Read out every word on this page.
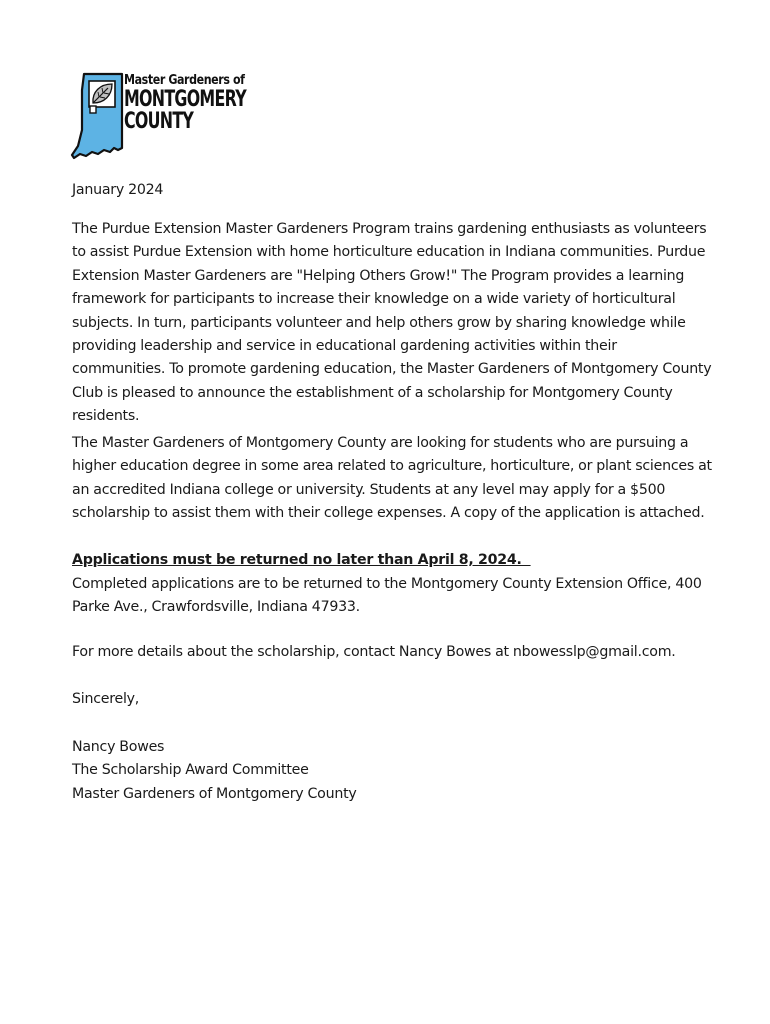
Master Gardeners of
MONTGOMERY
COUNTY
January 2024
The Purdue Extension Master Gardeners Program trains gardening enthusiasts as volunteers to assist Purdue Extension with home horticulture education in Indiana communities. Purdue Extension Master Gardeners are "Helping Others Grow!" The Program provides a learning framework for participants to increase their knowledge on a wide variety of horticultural subjects. In turn, participants volunteer and help others grow by sharing knowledge while providing leadership and service in educational gardening activities within their communities. To promote gardening education, the Master Gardeners of Montgomery County Club is pleased to announce the establishment of a scholarship for Montgomery County residents.
The Master Gardeners of Montgomery County are looking for students who are pursuing a higher education degree in some area related to agriculture, horticulture, or plant sciences at an accredited Indiana college or university. Students at any level may apply for a $500 scholarship to assist them with their college expenses. A copy of the application is attached.
Applications must be returned no later than April 8, 2024.
Completed applications are to be returned to the Montgomery County Extension Office, 400 Parke Ave., Crawfordsville, Indiana 47933.
For more details about the scholarship, contact Nancy Bowes at nbowesslp@gmail.com.
Sincerely,
Nancy Bowes
The Scholarship Award Committee
Master Gardeners of Montgomery County
